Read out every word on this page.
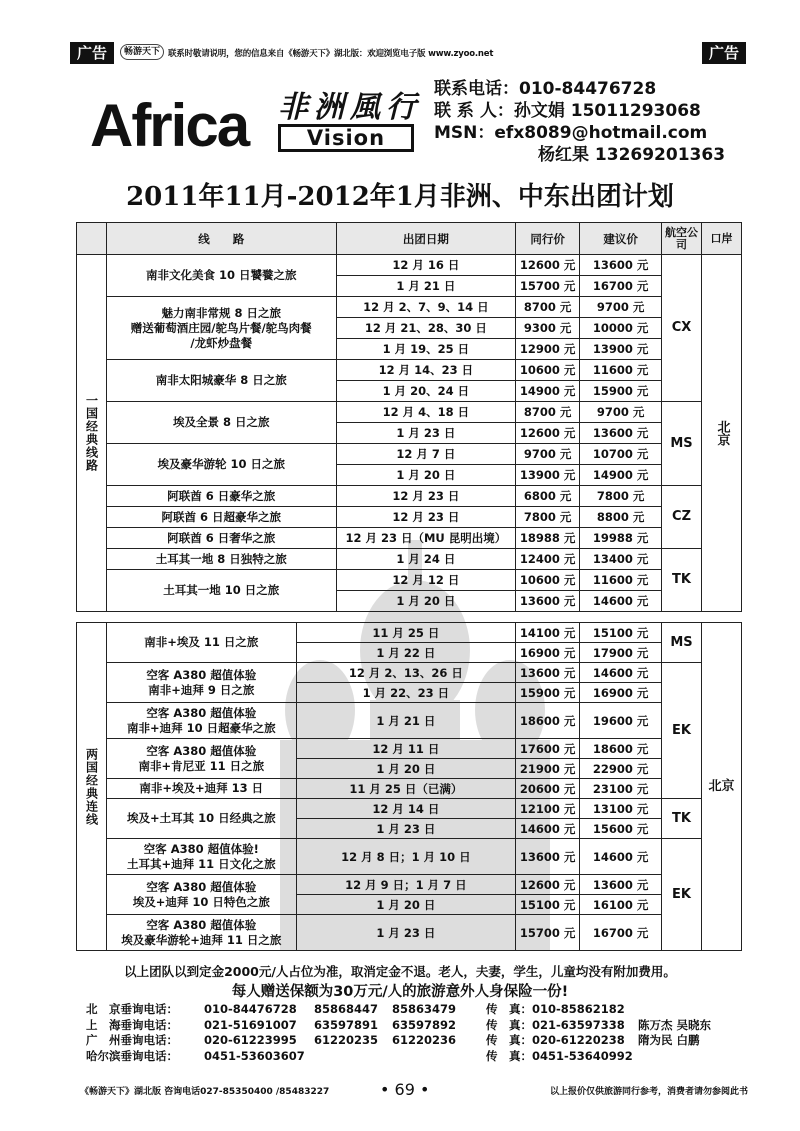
广告	畅游天下 联系时敬请说明，您的信息来自《畅游天下》湖北版：欢迎浏览电子版 www.zyoo.net	广告
Africa 非洲風行
Vision
联系电话：010-84476728
联 系 人：孙文娟 15011293068
MSN：efx8089@hotmail.com
杨红果 13269201363
2011年11月-2012年1月非洲、中东出团计划
	线　　路	出团日期	同行价	建议价	航空公司	口岸
一国经典线路	南非文化美食 10 日饕餮之旅	12 月 16 日	12600 元	13600 元	CX	北京
		1 月 21 日	15700 元	16700 元		
	魅力南非常规 8 日之旅
赠送葡萄酒庄园/鸵鸟片餐/鸵鸟肉餐
/龙虾炒盘餐	12 月 2、7、9、14 日	8700 元	9700 元		
		12 月 21、28、30 日	9300 元	10000 元		
		1 月 19、25 日	12900 元	13900 元		
	南非太阳城豪华 8 日之旅	12 月 14、23 日	10600 元	11600 元		
		1 月 20、24 日	14900 元	15900 元		
	埃及全景 8 日之旅	12 月 4、18 日	8700 元	9700 元	MS	
		1 月 23 日	12600 元	13600 元		
	埃及豪华游轮 10 日之旅	12 月 7 日	9700 元	10700 元		
		1 月 20 日	13900 元	14900 元		
	阿联酋 6 日豪华之旅	12 月 23 日	6800 元	7800 元	CZ	
	阿联酋 6 日超豪华之旅	12 月 23 日	7800 元	8800 元		
	阿联酋 6 日奢华之旅	12 月 23 日（MU 昆明出境）	18988 元	19988 元		
	土耳其一地 8 日独特之旅	1 月 24 日	12400 元	13400 元	TK	
	土耳其一地 10 日之旅	12 月 12 日	10600 元	11600 元		
		1 月 20 日	13600 元	14600 元		
两国经典连线	南非+埃及 11 日之旅	11 月 25 日	14100 元	15100 元	MS	北京
		1 月 22 日	16900 元	17900 元		
	空客 A380 超值体验
南非+迪拜 9 日之旅	12 月 2、13、26 日	13600 元	14600 元	EK	
		1 月 22、23 日	15900 元	16900 元		
	空客 A380 超值体验
南非+迪拜 10 日超豪华之旅	1 月 21 日	18600 元	19600 元		
	空客 A380 超值体验
南非+肯尼亚 11 日之旅	12 月 11 日	17600 元	18600 元		
		1 月 20 日	21900 元	22900 元		
	南非+埃及+迪拜 13 日	11 月 25 日（已满）	20600 元	23100 元		
	埃及+土耳其 10 日经典之旅	12 月 14 日	12100 元	13100 元	TK	
		1 月 23 日	14600 元	15600 元		
	空客 A380 超值体验!
土耳其+迪拜 11 日文化之旅	12 月 8 日；1 月 10 日	13600 元	14600 元	EK	
	空客 A380 超值体验
埃及+迪拜 10 日特色之旅	12 月 9 日；1 月 7 日	12600 元	13600 元		
		1 月 20 日	15100 元	16100 元		
	空客 A380 超值体验
埃及豪华游轮+迪拜 11 日之旅	1 月 23 日	15700 元	16700 元		
以上团队以到定金2000元/人占位为准，取消定金不退。老人，夫妻，学生，儿童均没有附加费用。
每人赠送保额为30万元/人的旅游意外人身保险一份!
北　京垂询电话： 010-84476728 85868447 85863479	传　真： 010-85862182
上　海垂询电话： 021-51691007 63597891 63597892	传　真： 021-63597338 陈万杰 吴晓东
广　州垂询电话： 020-61223995 61220235 61220236	传　真： 020-61220238 隋为民 白鹏
哈尔滨垂询电话： 0451-53603607	传　真： 0451-53640992
《畅游天下》湖北版 咨询电话027-85350400 /85483227	• 69 •	以上报价仅供旅游同行参考，消费者请勿参阅此书
